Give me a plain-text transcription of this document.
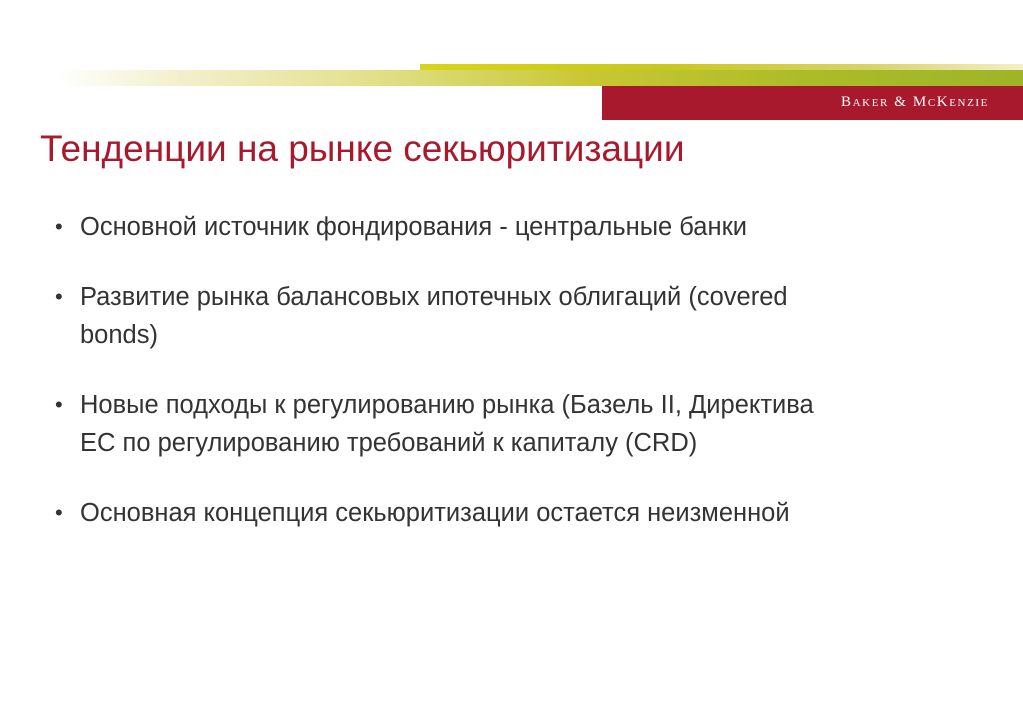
Baker & McKenzie
Тенденции на рынке секьюритизации
• Основной источник фондирования - центральные банки
• Развитие рынка балансовых ипотечных облигаций (covered bonds)
• Новые подходы к регулированию рынка (Базель II, Директива ЕС по регулированию требований к капиталу (CRD)
• Основная концепция секьюритизации остается неизменной
